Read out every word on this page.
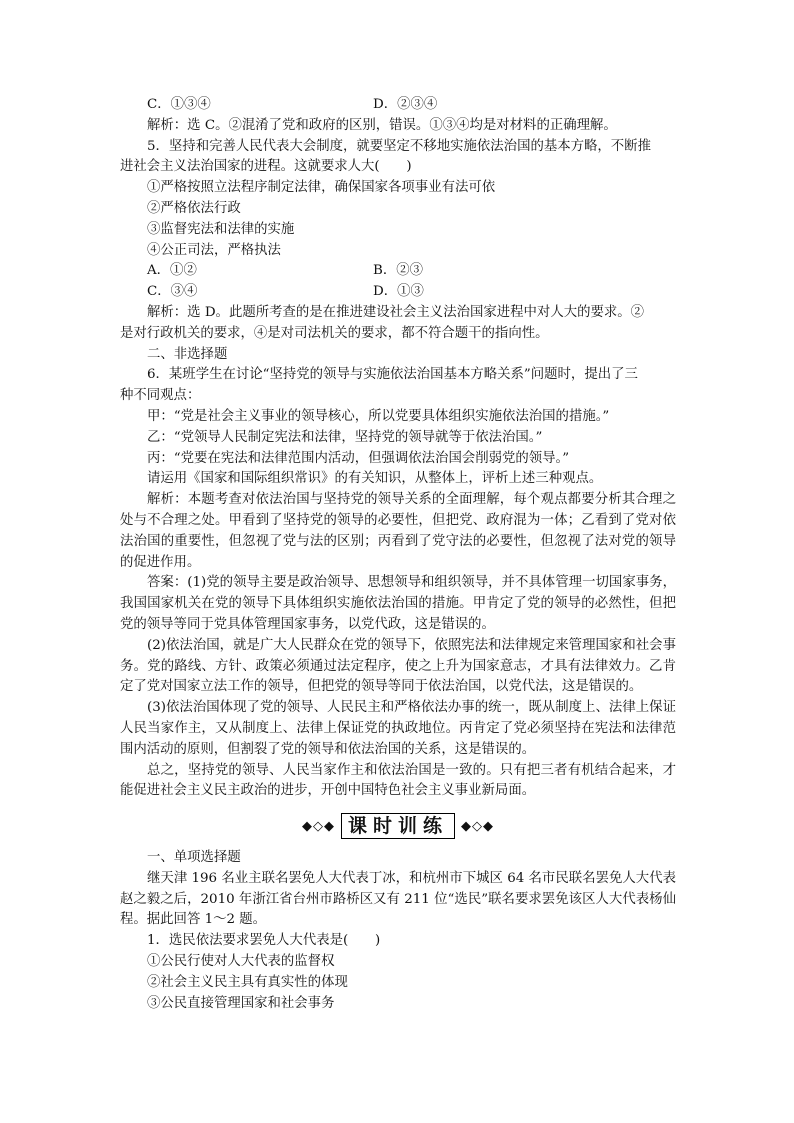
C．①③④	D．②③④
解析：选 C。②混淆了党和政府的区别，错误。①③④均是对材料的正确理解。
5．坚持和完善人民代表大会制度，就要坚定不移地实施依法治国的基本方略，不断推
进社会主义法治国家的进程。这就要求人大(　　)
①严格按照立法程序制定法律，确保国家各项事业有法可依
②严格依法行政
③监督宪法和法律的实施
④公正司法，严格执法
A．①②	B．②③
C．③④	D．①③
解析：选 D。此题所考查的是在推进建设社会主义法治国家进程中对人大的要求。②
是对行政机关的要求，④是对司法机关的要求，都不符合题干的指向性。
二、非选择题
6．某班学生在讨论“坚持党的领导与实施依法治国基本方略关系”问题时，提出了三
种不同观点：
甲：“党是社会主义事业的领导核心，所以党要具体组织实施依法治国的措施。”
乙：“党领导人民制定宪法和法律，坚持党的领导就等于依法治国。”
丙：“党要在宪法和法律范围内活动，但强调依法治国会削弱党的领导。”
请运用《国家和国际组织常识》的有关知识，从整体上，评析上述三种观点。

解析：本题考查对依法治国与坚持党的领导关系的全面理解，每个观点都要分析其合理之处与不合理之处。甲看到了坚持党的领导的必要性，但把党、政府混为一体；乙看到了党对依法治国的重要性，但忽视了党与法的区别；丙看到了党守法的必要性，但忽视了法对党的领导的促进作用。

答案：(1)党的领导主要是政治领导、思想领导和组织领导，并不具体管理一切国家事务，我国国家机关在党的领导下具体组织实施依法治国的措施。甲肯定了党的领导的必然性，但把党的领导等同于党具体管理国家事务，以党代政，这是错误的。

(2)依法治国，就是广大人民群众在党的领导下，依照宪法和法律规定来管理国家和社会事务。党的路线、方针、政策必须通过法定程序，使之上升为国家意志，才具有法律效力。乙肯定了党对国家立法工作的领导，但把党的领导等同于依法治国，以党代法，这是错误的。

(3)依法治国体现了党的领导、人民民主和严格依法办事的统一，既从制度上、法律上保证人民当家作主，又从制度上、法律上保证党的执政地位。丙肯定了党必须坚持在宪法和法律范围内活动的原则，但割裂了党的领导和依法治国的关系，这是错误的。

总之，坚持党的领导、人民当家作主和依法治国是一致的。只有把三者有机结合起来，才能促进社会主义民主政治的进步，开创中国特色社会主义事业新局面。

◆◇◆ 课时训练	◆◇◆
一、单项选择题

继天津 196 名业主联名罢免人大代表丁冰，和杭州市下城区 64 名市民联名罢免人大代表赵之毅之后，2010 年浙江省台州市路桥区又有 211 位“选民”联名要求罢免该区人大代表杨仙程。据此回答 1～2 题。

1．选民依法要求罢免人大代表是(　　)
①公民行使对人大代表的监督权
②社会主义民主具有真实性的体现
③公民直接管理国家和社会事务
